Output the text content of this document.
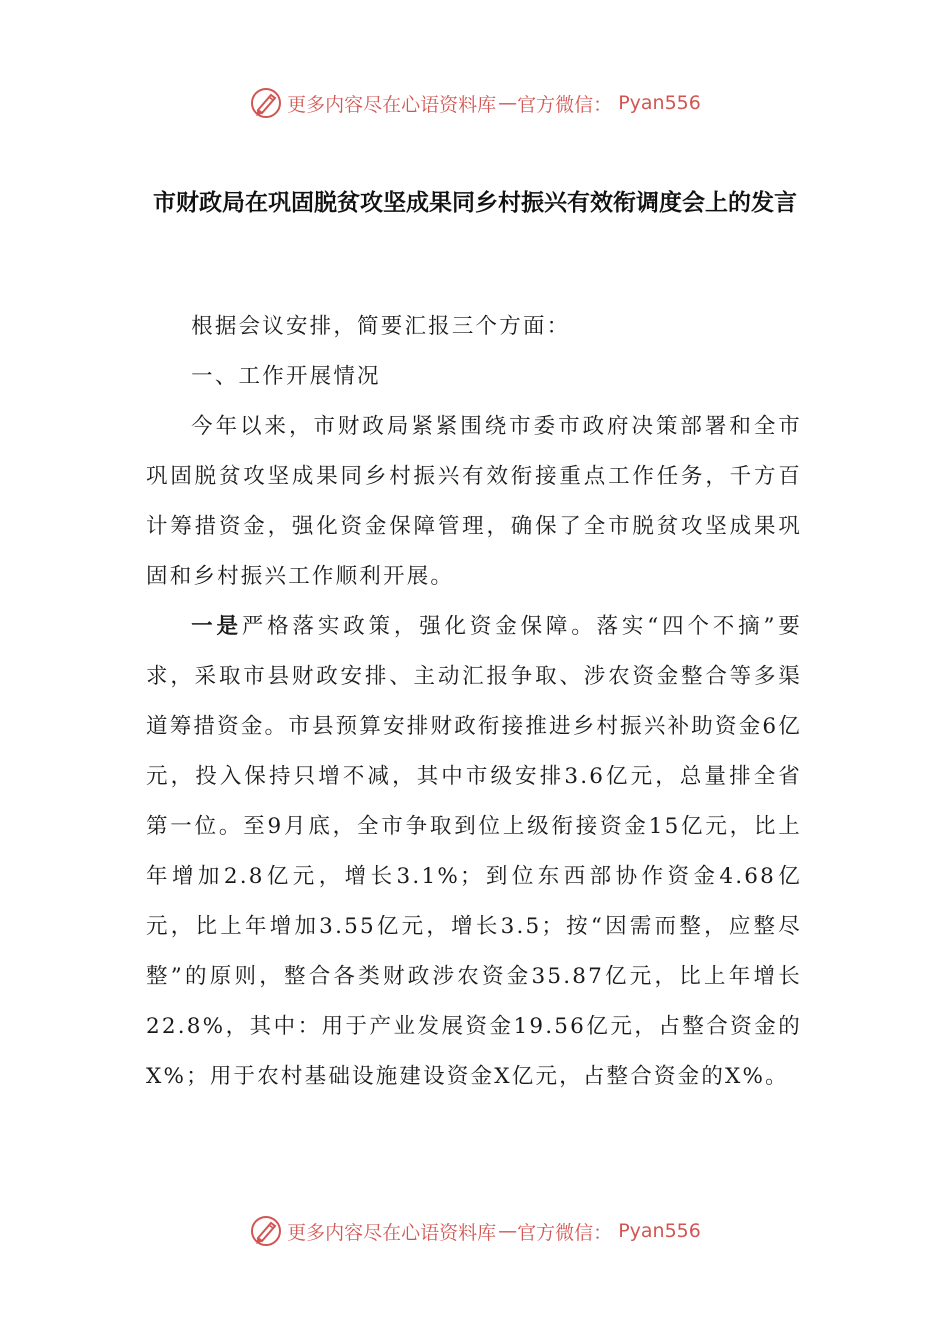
更多内容尽在心语资料库 — 官方微信： Pyan556
市财政局在巩固脱贫攻坚成果同乡村振兴有效衔调度会上的发言

根据会议安排，简要汇报三个方面：

一、工作开展情况

今年以来，市财政局紧紧围绕市委市政府决策部署和全市巩固脱贫攻坚成果同乡村振兴有效衔接重点工作任务，千方百计筹措资金，强化资金保障管理，确保了全市脱贫攻坚成果巩固和乡村振兴工作顺利开展。

一是严格落实政策，强化资金保障。落实“四个不摘”要求，采取市县财政安排、主动汇报争取、涉农资金整合等多渠道筹措资金。市县预算安排财政衔接推进乡村振兴补助资金6亿元，投入保持只增不减，其中市级安排3.6亿元，总量排全省第一位。至9月底，全市争取到位上级衔接资金15亿元，比上年增加2.8亿元，增长3.1%；到位东西部协作资金4.68亿元，比上年增加3.55亿元，增长3.5；按“因需而整，应整尽整”的原则，整合各类财政涉农资金35.87亿元，比上年增长22.8%，其中：用于产业发展资金19.56亿元，占整合资金的X%；用于农村基础设施建设资金X亿元，占整合资金的X%。

更多内容尽在心语资料库 — 官方微信： Pyan556
